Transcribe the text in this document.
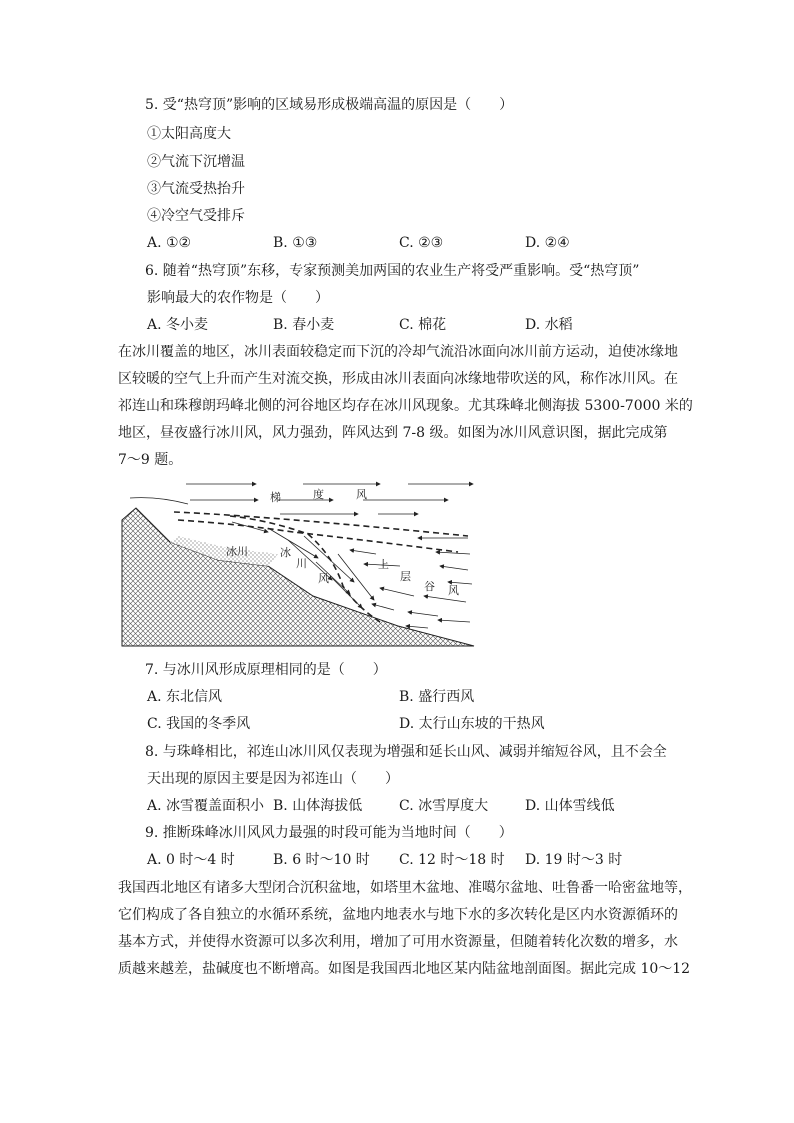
5. 受“热穹顶”影响的区域易形成极端高温的原因是（　　）
①太阳高度大
②气流下沉增温
③气流受热抬升
④冷空气受排斥
A. ①②	B. ①③	C. ②③	D. ②④
6. 随着“热穹顶”东移，专家预测美加两国的农业生产将受严重影响。受“热穹顶”
影响最大的农作物是（　　）
A. 冬小麦	B. 春小麦	C. 棉花	D. 水稻
在冰川覆盖的地区，冰川表面较稳定而下沉的冷却气流沿冰面向冰川前方运动，迫使冰缘地
区较暖的空气上升而产生对流交换，形成由冰川表面向冰缘地带吹送的风，称作冰川风。在
祁连山和珠穆朗玛峰北侧的河谷地区均存在冰川风现象。尤其珠峰北侧海拔 5300-7000 米的
地区，昼夜盛行冰川风，风力强劲，阵风达到 7-8 级。如图为冰川风意识图，据此完成第
7～9 题。
梯	度	风
冰川	冰
川
风
上
层
谷 风
7. 与冰川风形成原理相同的是（　　）
A. 东北信风	B. 盛行西风
C. 我国的冬季风	D. 太行山东坡的干热风
8. 与珠峰相比，祁连山冰川风仅表现为增强和延长山风、减弱并缩短谷风，且不会全
天出现的原因主要是因为祁连山（　　）
A. 冰雪覆盖面积小 B. 山体海拔低	C. 冰雪厚度大	D. 山体雪线低
9. 推断珠峰冰川风风力最强的时段可能为当地时间（　　）
A. 0 时～4 时	B. 6 时～10 时 C. 12 时～18 时 D. 19 时～3 时
我国西北地区有诸多大型闭合沉积盆地，如塔里木盆地、准噶尔盆地、吐鲁番一哈密盆地等，
它们构成了各自独立的水循环系统，盆地内地表水与地下水的多次转化是区内水资源循环的
基本方式，并使得水资源可以多次利用，增加了可用水资源量，但随着转化次数的增多，水
质越来越差，盐碱度也不断增高。如图是我国西北地区某内陆盆地剖面图。据此完成 10～12
